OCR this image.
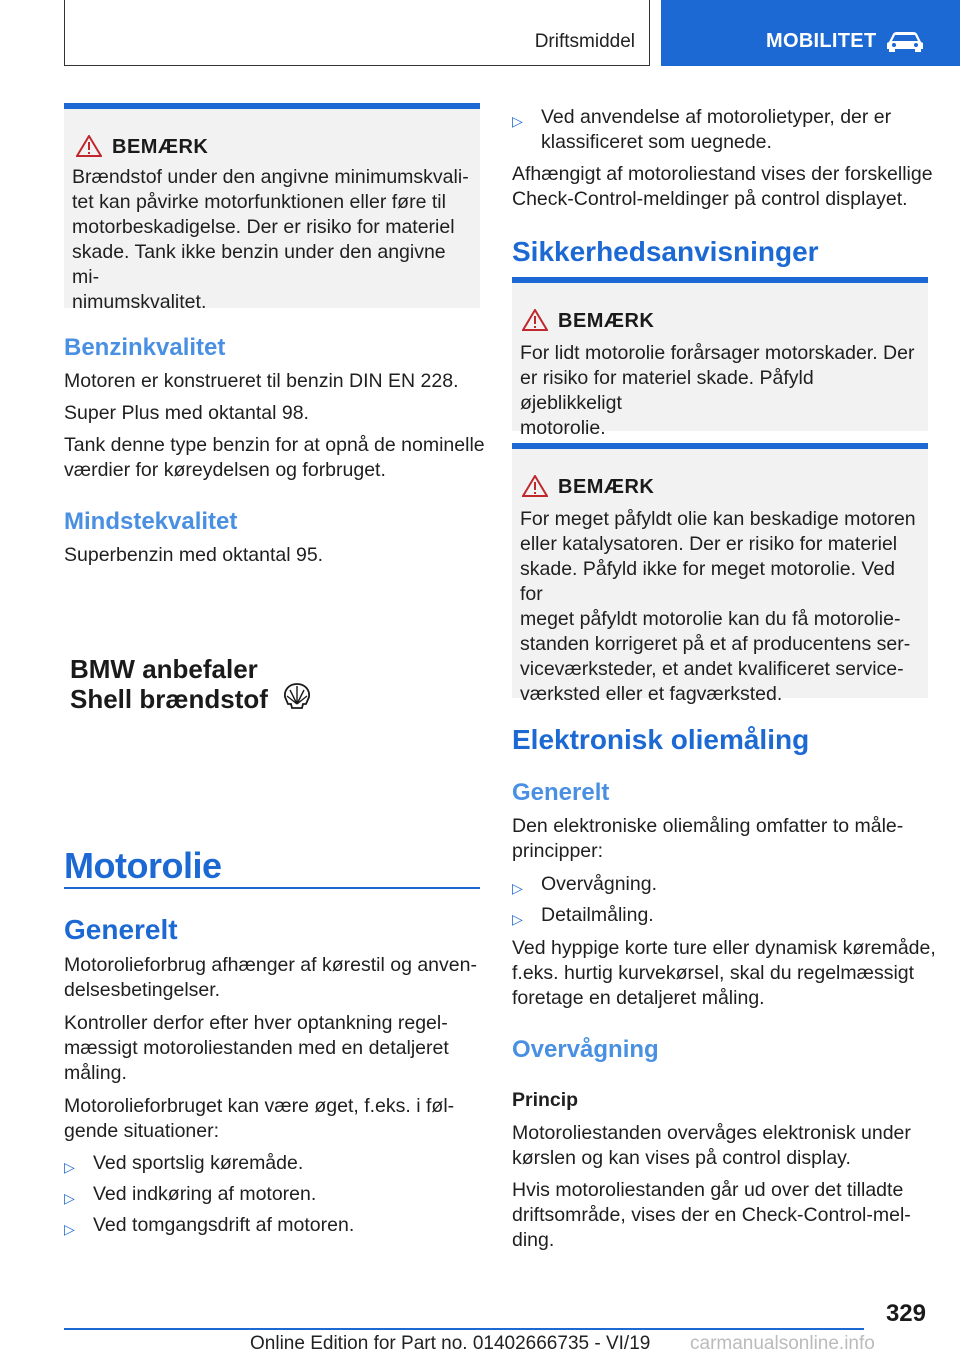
Driftsmiddel	MOBILITET
BEMÆRK
Brændstof under den angivne minimumskvali-
tet kan påvirke motorfunktionen eller føre til
motorbeskadigelse. Der er risiko for materiel
skade. Tank ikke benzin under den angivne mi-
nimumskvalitet.
Benzinkvalitet
Motoren er konstrueret til benzin DIN EN 228.
Super Plus med oktantal 98.
Tank denne type benzin for at opnå de nominelle
værdier for køreydelsen og forbruget.
Mindstekvalitet
Superbenzin med oktantal 95.
BMW anbefaler
Shell brændstof
Motorolie
Generelt
Motorolieforbrug afhænger af kørestil og anven-
delsesbetingelser.
Kontroller derfor efter hver optankning regel-
mæssigt motoroliestanden med en detaljeret
måling.
Motorolieforbruget kan være øget, f.eks. i føl-
gende situationer:
▷ Ved sportslig køremåde.
▷ Ved indkøring af motoren.
▷ Ved tomgangsdrift af motoren.
▷ Ved anvendelse af motorolietyper, der er
klassificeret som uegnede.
Afhængigt af motoroliestand vises der forskellige
Check-Control-meldinger på control displayet.
Sikkerhedsanvisninger
BEMÆRK
For lidt motorolie forårsager motorskader. Der
er risiko for materiel skade. Påfyld øjeblikkeligt
motorolie.
BEMÆRK
For meget påfyldt olie kan beskadige motoren
eller katalysatoren. Der er risiko for materiel
skade. Påfyld ikke for meget motorolie. Ved for
meget påfyldt motorolie kan du få motorolie-
standen korrigeret på et af producentens ser-
viceværksteder, et andet kvalificeret service-
værksted eller et fagværksted.
Elektronisk oliemåling
Generelt
Den elektroniske oliemåling omfatter to måle-
principper:
▷ Overvågning.
▷ Detailmåling.
Ved hyppige korte ture eller dynamisk køremåde,
f.eks. hurtig kurvekørsel, skal du regelmæssigt
foretage en detaljeret måling.
Overvågning
Princip
Motoroliestanden overvåges elektronisk under
kørslen og kan vises på control display.
Hvis motoroliestanden går ud over det tilladte
driftsområde, vises der en Check-Control-mel-
ding.
329
Online Edition for Part no. 01402666735 - VI/19 carmanualsonline.info
